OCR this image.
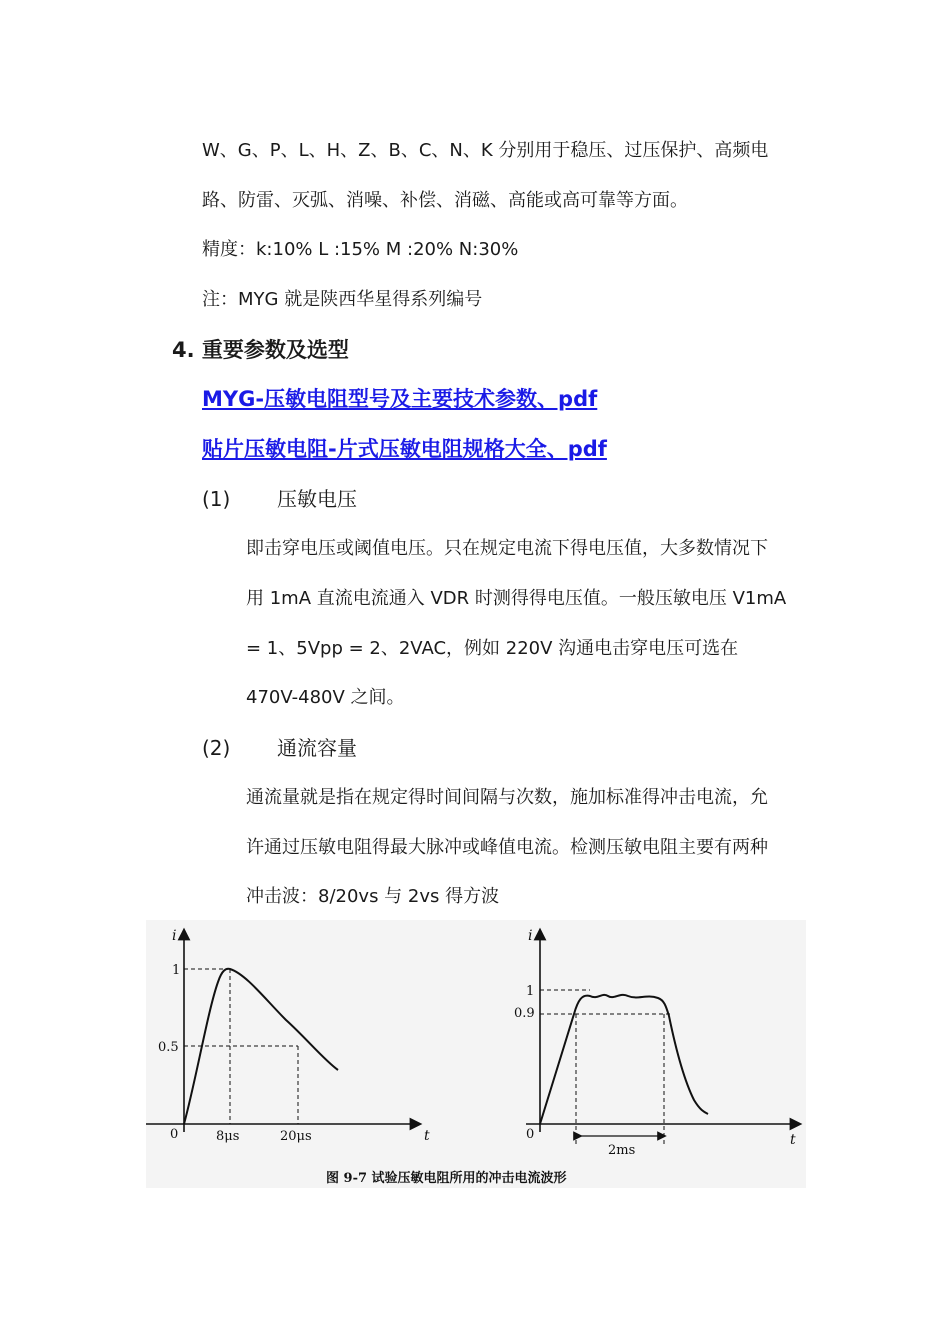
W、G、P、L、H、Z、B、C、N、K 分别用于稳压、过压保护、高频电
路、防雷、灭弧、消噪、补偿、消磁、高能或高可靠等方面。
精度：k:10% L :15% M :20% N:30%
注：MYG 就是陕西华星得系列编号
4. 重要参数及选型
MYG-压敏电阻型号及主要技术参数、pdf
贴片压敏电阻-片式压敏电阻规格大全、pdf
(1) 压敏电压
即击穿电压或阈值电压。只在规定电流下得电压值，大多数情况下
用 1mA 直流电流通入 VDR 时测得得电压值。一般压敏电压 V1mA
= 1、5Vpp = 2、2VAC，例如 220V 沟通电击穿电压可选在
470V-480V 之间。
(2) 通流容量
通流量就是指在规定得时间间隔与次数，施加标准得冲击电流，允
许通过压敏电阻得最大脉冲或峰值电流。检测压敏电阻主要有两种
冲击波：8/20vs 与 2vs 得方波
i
t
0
1
0.5
8μs	20μs
i
t
0
1
0.9
2ms
图 9-7 试验压敏电阻所用的冲击电流波形
